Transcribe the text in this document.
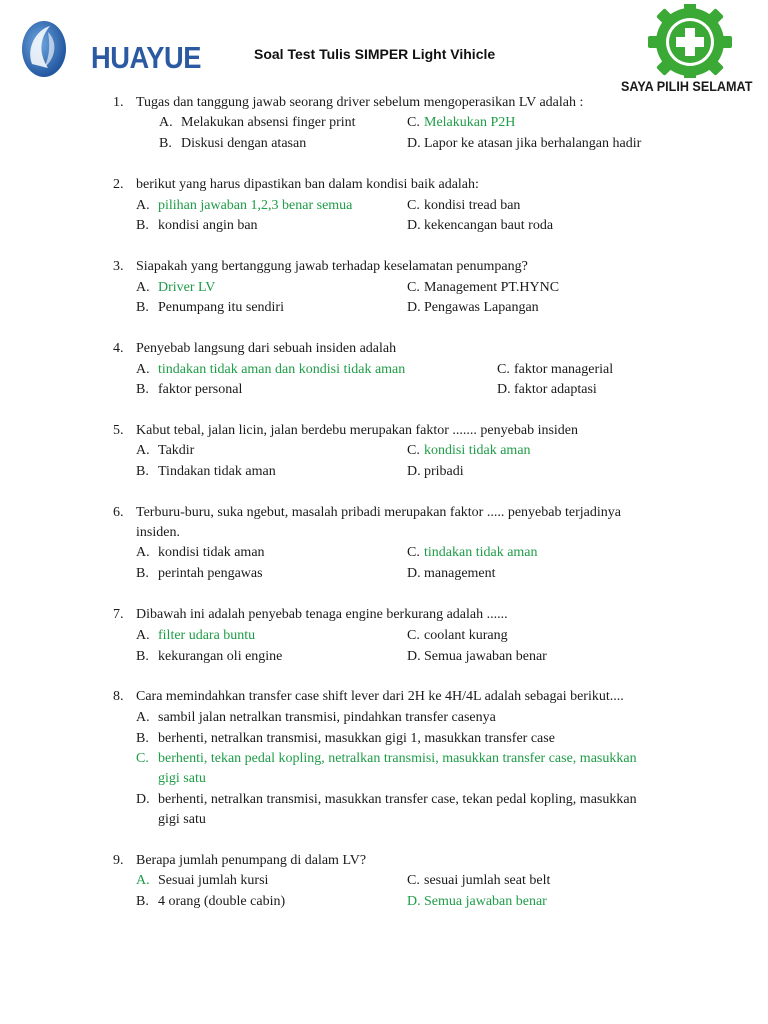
HUAYUE	Soal Test Tulis SIMPER Light Vihicle
SAYA PILIH SELAMAT
1. Tugas dan tanggung jawab seorang driver sebelum mengoperasikan LV adalah :
A. Melakukan absensi finger print
B. Diskusi dengan atasan
C. Melakukan P2H
D. Lapor ke atasan jika berhalangan hadir
2. berikut yang harus dipastikan ban dalam kondisi baik adalah:
A. pilihan jawaban 1,2,3 benar semua
B. kondisi angin ban
C. kondisi tread ban
D. kekencangan baut roda
3. Siapakah yang bertanggung jawab terhadap keselamatan penumpang?
A. Driver LV
B. Penumpang itu sendiri
C. Management PT.HYNC
D. Pengawas Lapangan
4. Penyebab langsung dari sebuah insiden adalah
A. tindakan tidak aman dan kondisi tidak aman
B. faktor personal
C. faktor managerial
D. faktor adaptasi
5. Kabut tebal, jalan licin, jalan berdebu merupakan faktor ....... penyebab insiden
A. Takdir
B. Tindakan tidak aman
C. kondisi tidak aman
D. pribadi
6. Terburu-buru, suka ngebut, masalah pribadi merupakan faktor ..... penyebab terjadinya
insiden.
A. kondisi tidak aman
B. perintah pengawas
C. tindakan tidak aman
D. management
7. Dibawah ini adalah penyebab tenaga engine berkurang adalah ......
A. filter udara buntu
B. kekurangan oli engine
C. coolant kurang
D. Semua jawaban benar
8. Cara memindahkan transfer case shift lever dari 2H ke 4H/4L adalah sebagai berikut....
A. sambil jalan netralkan transmisi, pindahkan transfer casenya
B. berhenti, netralkan transmisi, masukkan gigi 1, masukkan transfer case
C. berhenti, tekan pedal kopling, netralkan transmisi, masukkan transfer case, masukkan
gigi satu
D. berhenti, netralkan transmisi, masukkan transfer case, tekan pedal kopling, masukkan
gigi satu
9. Berapa jumlah penumpang di dalam LV?
A. Sesuai jumlah kursi
B. 4 orang (double cabin)
C. sesuai jumlah seat belt
D. Semua jawaban benar
